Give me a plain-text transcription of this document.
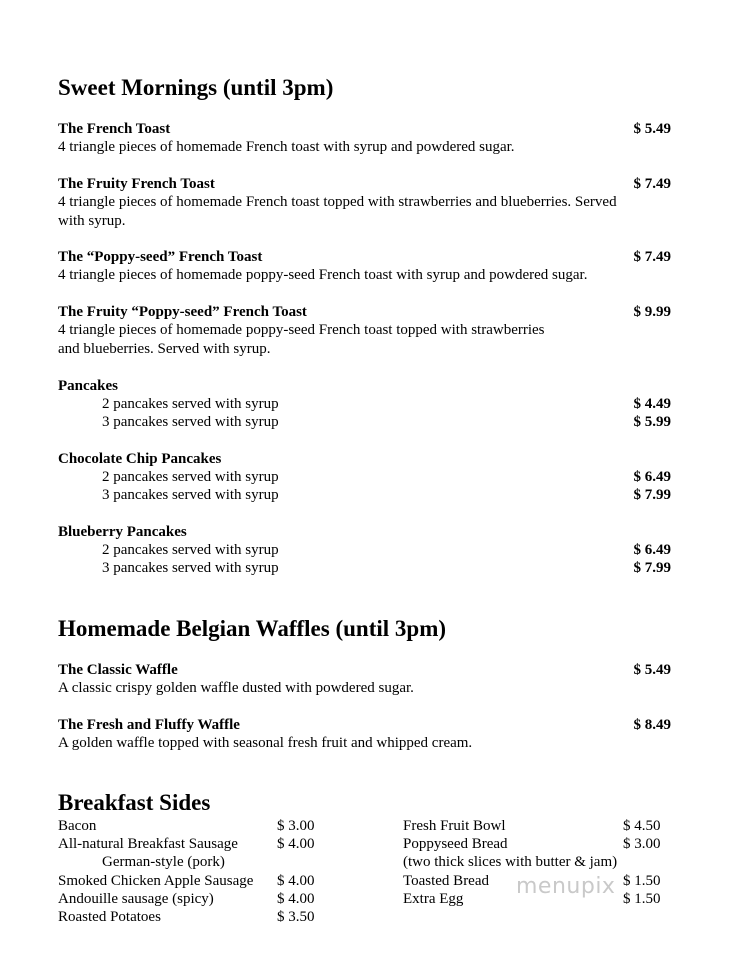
Sweet Mornings (until 3pm)
The French Toast	$ 5.49
4 triangle pieces of homemade French toast with syrup and powdered sugar.
The Fruity French Toast	$ 7.49
4 triangle pieces of homemade French toast topped with strawberries and blueberries. Served with syrup.
The “Poppy-seed” French Toast	$ 7.49
4 triangle pieces of homemade poppy-seed French toast with syrup and powdered sugar.
The Fruity “Poppy-seed” French Toast	$ 9.99
4 triangle pieces of homemade poppy-seed French toast topped with strawberries
and blueberries. Served with syrup.
Pancakes
2 pancakes served with syrup	$ 4.49
3 pancakes served with syrup	$ 5.99
Chocolate Chip Pancakes
2 pancakes served with syrup	$ 6.49
3 pancakes served with syrup	$ 7.99
Blueberry Pancakes
2 pancakes served with syrup	$ 6.49
3 pancakes served with syrup	$ 7.99
Homemade Belgian Waffles (until 3pm)
The Classic Waffle	$ 5.49
A classic crispy golden waffle dusted with powdered sugar.
The Fresh and Fluffy Waffle	$ 8.49
A golden waffle topped with seasonal fresh fruit and whipped cream.
Breakfast Sides
Bacon	$ 3.00
All-natural Breakfast Sausage	$ 4.00
German-style (pork)
Smoked Chicken Apple Sausage $ 4.00
Andouille sausage (spicy)	$ 4.00
Roasted Potatoes	$ 3.50
Fresh Fruit Bowl	$ 4.50
Poppyseed Bread	$ 3.00
(two thick slices with butter & jam)
Toasted Bread	$ 1.50
Extra Egg	$ 1.50
menupix
